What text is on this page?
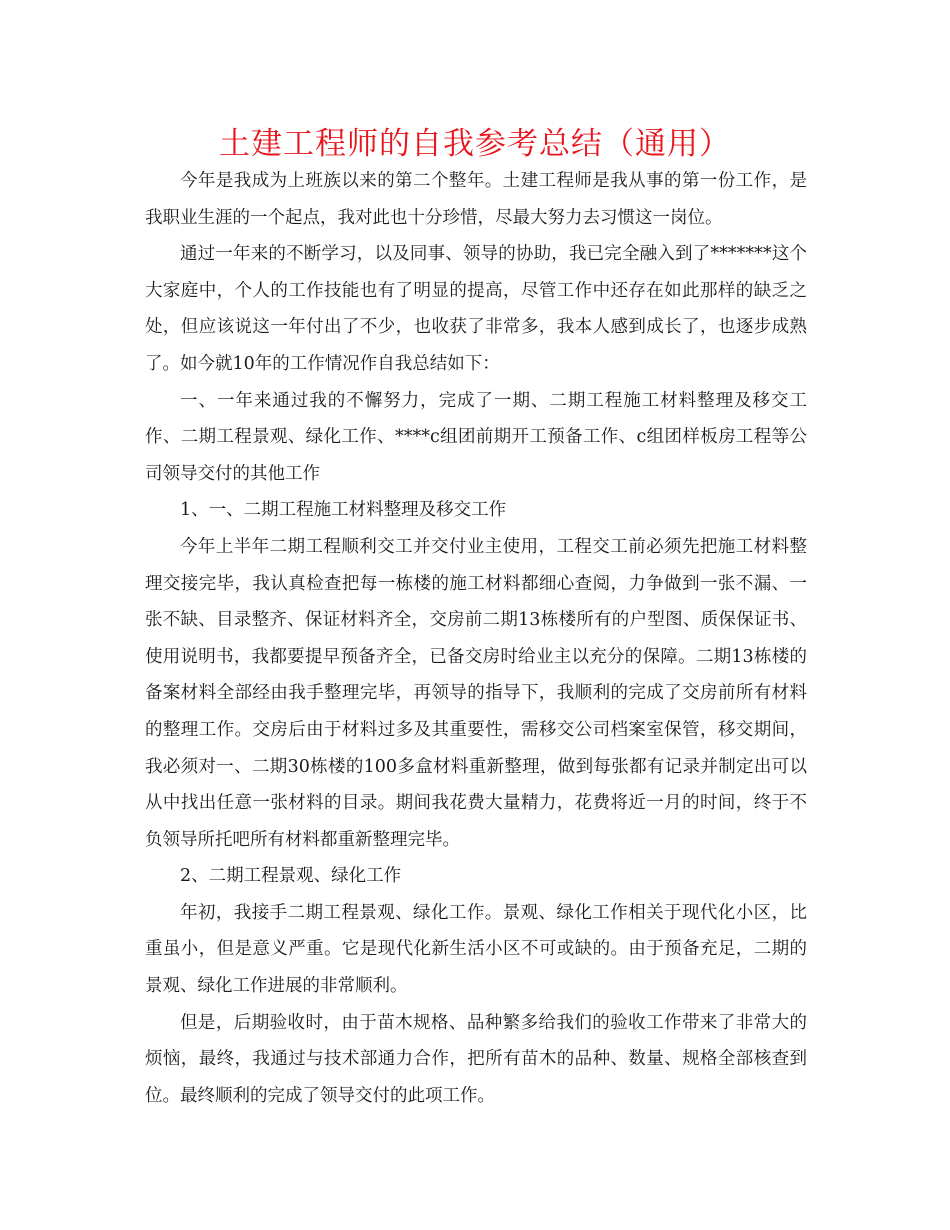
土建工程师的自我参考总结（通用）

今年是我成为上班族以来的第二个整年。土建工程师是我从事的第一份工作，是我职业生涯的一个起点，我对此也十分珍惜，尽最大努力去习惯这一岗位。

通过一年来的不断学习，以及同事、领导的协助，我已完全融入到了*******这个大家庭中，个人的工作技能也有了明显的提高，尽管工作中还存在如此那样的缺乏之处，但应该说这一年付出了不少，也收获了非常多，我本人感到成长了，也逐步成熟了。如今就10年的工作情况作自我总结如下：

一、一年来通过我的不懈努力，完成了一期、二期工程施工材料整理及移交工作、二期工程景观、绿化工作、****c组团前期开工预备工作、c组团样板房工程等公司领导交付的其他工作

1、一、二期工程施工材料整理及移交工作

今年上半年二期工程顺利交工并交付业主使用，工程交工前必须先把施工材料整理交接完毕，我认真检查把每一栋楼的施工材料都细心查阅，力争做到一张不漏、一张不缺、目录整齐、保证材料齐全，交房前二期13栋楼所有的户型图、质保保证书、使用说明书，我都要提早预备齐全，已备交房时给业主以充分的保障。二期13栋楼的备案材料全部经由我手整理完毕，再领导的指导下，我顺利的完成了交房前所有材料的整理工作。交房后由于材料过多及其重要性，需移交公司档案室保管，移交期间，我必须对一、二期30栋楼的100多盒材料重新整理，做到每张都有记录并制定出可以从中找出任意一张材料的目录。期间我花费大量精力，花费将近一月的时间，终于不负领导所托吧所有材料都重新整理完毕。

2、二期工程景观、绿化工作

年初，我接手二期工程景观、绿化工作。景观、绿化工作相关于现代化小区，比重虽小，但是意义严重。它是现代化新生活小区不可或缺的。由于预备充足，二期的景观、绿化工作进展的非常顺利。

但是，后期验收时，由于苗木规格、品种繁多给我们的验收工作带来了非常大的烦恼，最终，我通过与技术部通力合作，把所有苗木的品种、数量、规格全部核查到位。最终顺利的完成了领导交付的此项工作。
